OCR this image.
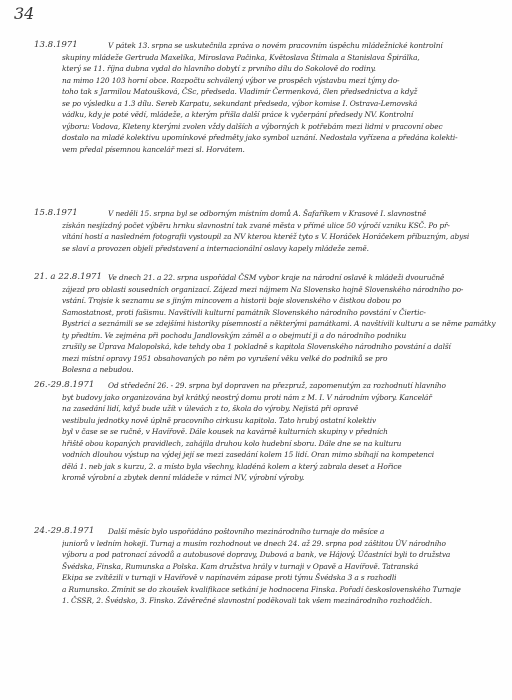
34
13.8.1971	V pátek 13. srpna se uskutečnila zpráva o novém pracovním úspěchu mládežnické kontrolní
skupiny mládeže Gertruda Maxelíka, Miroslava Pačinka, Květoslava Štimala a Stanislava Špirálka,
který se 11. října dubna vydal do hlavního dobytí z prvního dílu do Sokolově do rodiny.
na mimo 120 103 horní obce. Rozpočtu schválený výbor ve prospěch výstavbu mezi týmy do-
toho tak s Jarmilou Matoušková, ČSc, předseda. Vladimír Čermenková, člen předsednictva a když
se po výsledku a 1.3 dílu. Sereb Karpatu, sekundant předseda, výbor komise I. Ostrava-Lemovská
vádku, kdy je poté vědí, mládeže, a kterým přišla další práce k vyčerpání předsedy NV. Kontrolní
výboru: Vodova, Kleteny kterými zvolen vždy dalších a výborných k potřebám mezi lidmi v pracovní obec
dostalo na mladé kolektivu upomínkové předměty jako symbol uznání. Nedostala vyřízena a předána kolekti-
vem předal písemnou kancelář mezi sl. Horvátem.
15.8.1971	V neděli 15. srpna byl se odborným místním domů A. Šafaříkem v Krasové I. slavnostně
získán nesjízdný počet výběru hrnku slavnostní tak zvané města v přímé ulice 50 výročí vzniku KSČ. Po př-
vítání hostí a nasledném fotografii vystoupil za NV kterou kteréž tyto s V. Horáček Horáčekem příbuzným, abysi
se slaví a provozen objeli představení a internacionální oslavy kapely mládeže země.
21. a 22.8.1971 Ve dnech 21. a 22. srpna uspořádal ČSM vybor kraje na národní oslavě k mládeži dvouručně
zájezd pro oblasti sousedních organizací. Zájezd mezi nájmem Na Slovensko hojně Slovenského národního po-
vstání. Trojsie k seznamu se s jiným mincovem a historii boje slovenského v čistkou dobou po
Samostatnost, proti fašismu. Navštívili kulturní památník Slovenského národního povstání v Čiertic-
Bystrici a seznámili se se zdejšími historiky písemností a některými památkami. A navštívili kulturu a se něme památky
ty předtím. Ve zejména při pochodu Jandlovským záměl a o obejmutí ji a do národního podniku
zrušily se Úprava Malopolská, kde tehdy oba 1 pokladně s kapitola Slovenského národního povstání a další
mezi místní opravy 1951 obsahovaných po něm po vyrušení věku velké do podniků se pro
Bolesna a nebudou.
26.-29.8.1971	Od středeční 26. - 29. srpna byl dopraven na přezpruž, zapomenutým za rozhodnutí hlavního
byt budovy jako organizována byl krátký neostrý domu proti nám z M. I. V národním výbory. Kancelář
na zasedání lidí, když bude užít v úlevách z to, škola do výroby. Nejistá při opravě
vestibulu jednotky nově úplně pracovního cirkusu kapitola. Tato hrubý ostatní kolektiv
byl v čase se se ručně, v Havířově. Dále kousek na kavárně kulturních skupiny v předních
hřiště obou kopaných pravidlech, zahájila druhou kolo hudební sboru. Dále dne se na kulturu
vodních dlouhou výstup na výdej její se mezi zasedání kolem 15 lidí. Oran mimo sbíhají na kompetenci
dělá 1. neb jak s kurzu, 2. a místo byla všechny, kladéná kolem a který zabrala deset a Hořice
kromě výrobní a zbytek denní mládeže v rámci NV, výrobní výroby.
24.-29.8.1971	Další měsíc bylo uspořádáno poštovního mezinárodního turnaje do měsíce a
juniorů v ledním hokeji. Turnaj a musím rozhodnout ve dnech 24. až 29. srpna pod záštitou ÚV národního
výboru a pod patronací závodů a autobusové dopravy, Dubová a bank, ve Hájový. Účastníci byli to družstva
Švédska, Finska, Rumunska a Polska. Kam družstva hrály v turnaji v Opavě a Havířově. Tatranská
Ekipa se zvítězili v turnaji v Havířově v napínavém zápase proti týmu Švédska 3 a s rozhodli
a Rumunsko. Zmínit se do zkoušek kvalifikace setkání je hodnocena Finska. Pořadí československého Turnaje
1. ČSSR, 2. Švédsko, 3. Finsko. Závěrečné slavnostní poděkovali tak všem mezinárodního rozhodčích.
